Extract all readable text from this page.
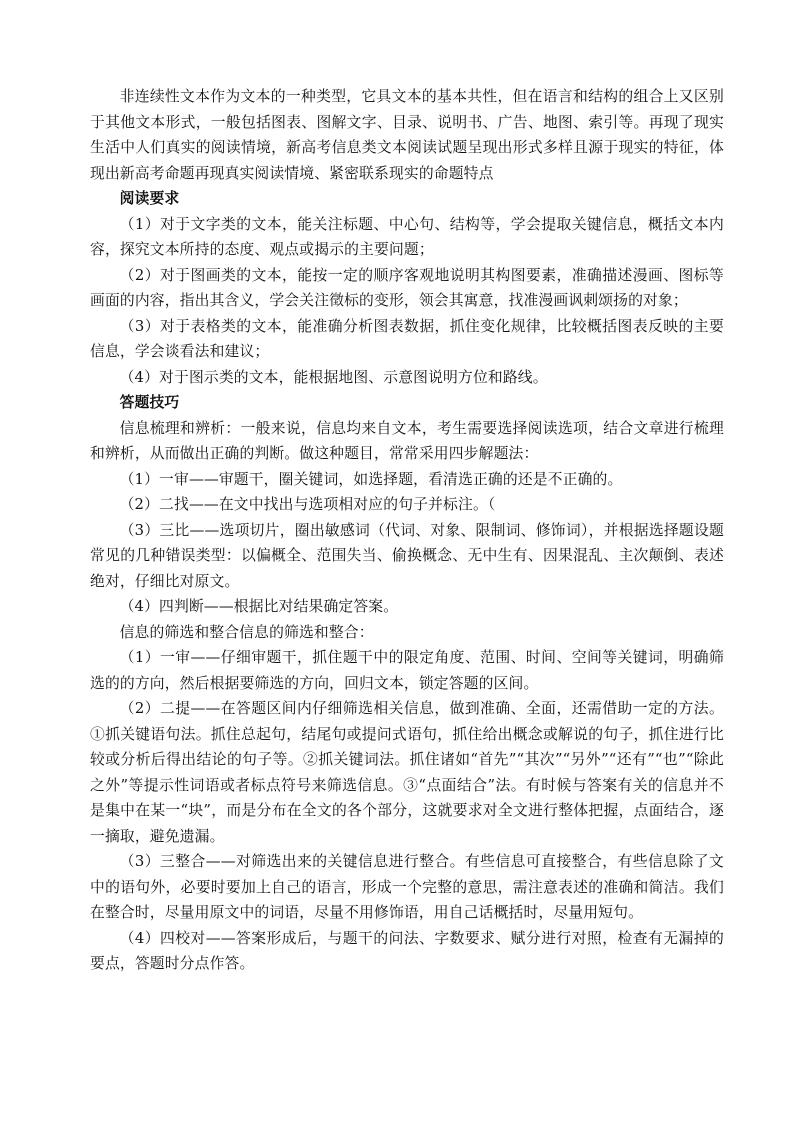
非连续性文本作为文本的一种类型，它具文本的基本共性，但在语言和结构的组合上又区别于其他文本形式，一般包括图表、图解文字、目录、说明书、广告、地图、索引等。再现了现实生活中人们真实的阅读情境，新高考信息类文本阅读试题呈现出形式多样且源于现实的特征，体现出新高考命题再现真实阅读情境、紧密联系现实的命题特点

阅读要求

（1）对于文字类的文本，能关注标题、中心句、结构等，学会提取关键信息，概括文本内容，探究文本所持的态度、观点或揭示的主要问题；

（2）对于图画类的文本，能按一定的顺序客观地说明其构图要素，准确描述漫画、图标等画面的内容，指出其含义，学会关注徵标的变形，领会其寓意，找准漫画讽刺颂扬的对象；

（3）对于表格类的文本，能准确分析图表数据，抓住变化规律，比较概括图表反映的主要信息，学会谈看法和建议；

（4）对于图示类的文本，能根据地图、示意图说明方位和路线。

答题技巧

信息梳理和辨析：一般来说，信息均来自文本，考生需要选择阅读选项，结合文章进行梳理和辨析，从而做出正确的判断。做这种题目，常常采用四步解题法：

（1）一审——审题干，圈关键词，如选择题，看清选正确的还是不正确的。

（2）二找——在文中找出与选项相对应的句子并标注。（

（3）三比——选项切片，圈出敏感词（代词、对象、限制词、修饰词），并根据选择题设题常见的几种错误类型：以偏概全、范围失当、偷换概念、无中生有、因果混乱、主次颠倒、表述绝对，仔细比对原文。

（4）四判断——根据比对结果确定答案。

信息的筛选和整合信息的筛选和整合：

（1）一审——仔细审题干，抓住题干中的限定角度、范围、时间、空间等关键词，明确筛选的的方向，然后根据要筛选的方向，回归文本，锁定答题的区间。

（2）二提——在答题区间内仔细筛选相关信息，做到准确、全面，还需借助一定的方法。①抓关键语句法。抓住总起句，结尾句或提问式语句，抓住给出概念或解说的句子，抓住进行比较或分析后得出结论的句子等。②抓关键词法。抓住诸如“首先”“其次”“另外”“还有”“也”“除此之外”等提示性词语或者标点符号来筛选信息。③“点面结合”法。有时候与答案有关的信息并不是集中在某一“块”，而是分布在全文的各个部分，这就要求对全文进行整体把握，点面结合，逐一摘取，避免遗漏。

（3）三整合——对筛选出来的关键信息进行整合。有些信息可直接整合，有些信息除了文中的语句外，必要时要加上自己的语言，形成一个完整的意思，需注意表述的准确和简洁。我们在整合时，尽量用原文中的词语，尽量不用修饰语，用自己话概括时，尽量用短句。

（4）四校对——答案形成后，与题干的问法、字数要求、赋分进行对照，检查有无漏掉的要点，答题时分点作答。
